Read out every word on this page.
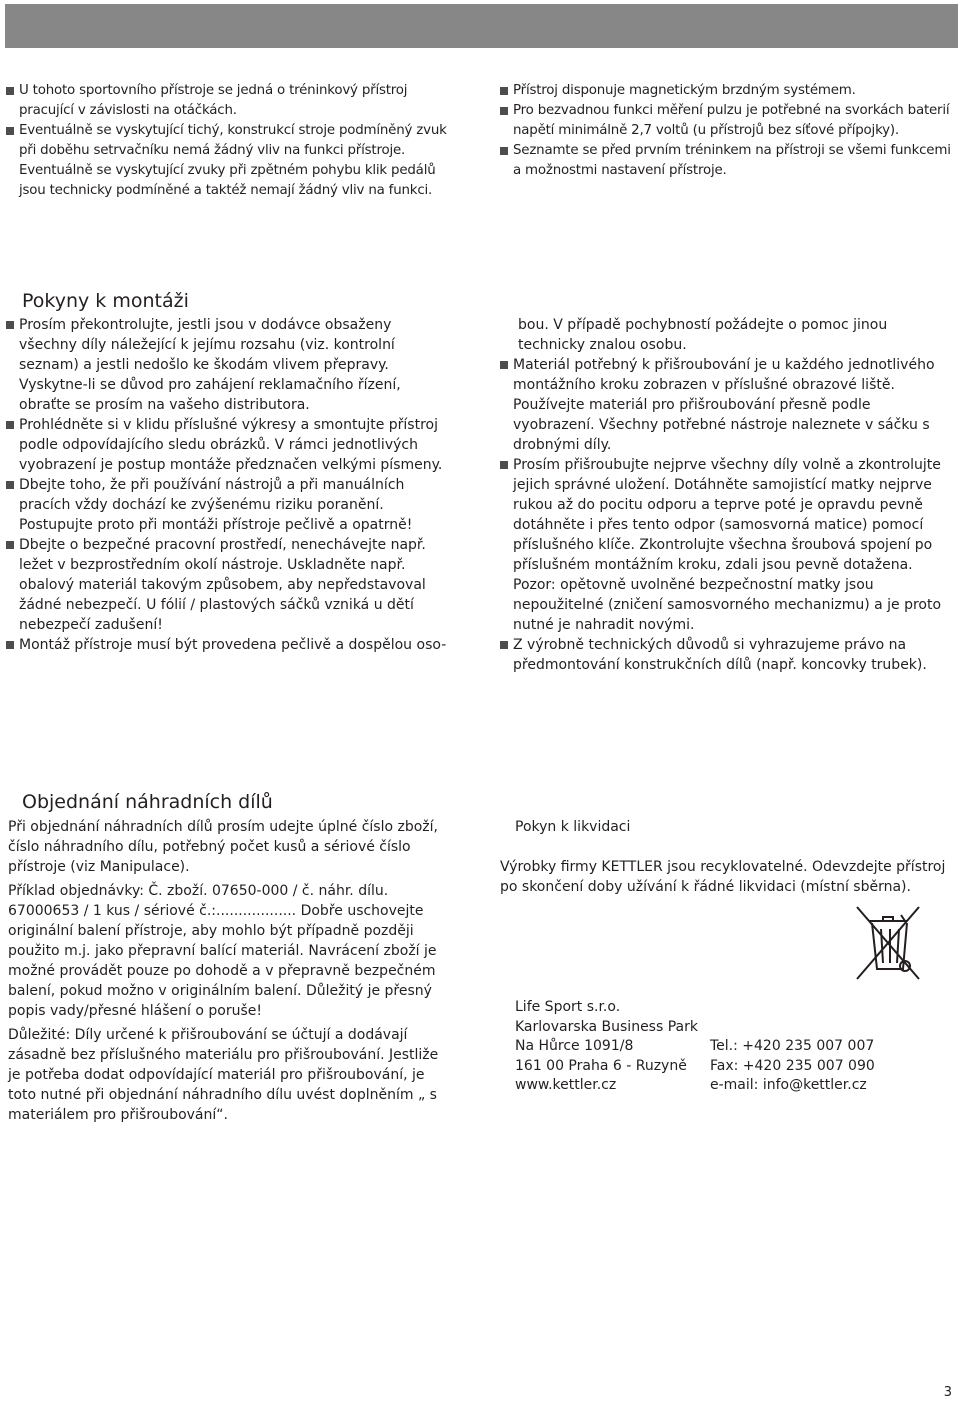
U tohoto sportovního přístroje se jedná o tréninkový přístroj pracující v závislosti na otáčkách.
Eventuálně se vyskytující tichý, konstrukcí stroje podmíněný zvuk při doběhu setrvačníku nemá žádný vliv na funkci přístroje. Eventuálně se vyskytující zvuky při zpětném pohybu klik pedálů jsou technicky podmíněné a taktéž nemají žádný vliv na funkci.
Přístroj disponuje magnetickým brzdným systémem.
Pro bezvadnou funkci měření pulzu je potřebné na svorkách baterií napětí minimálně 2,7 voltů (u přístrojů bez síťové přípojky).
Seznamte se před prvním tréninkem na přístroji se všemi funkcemi a možnostmi nastavení přístroje.
Pokyny k montáži
Prosím překontrolujte, jestli jsou v dodávce obsaženy všechny díly náležející k jejímu rozsahu (viz. kontrolní seznam) a jestli nedošlo ke škodám vlivem přepravy. Vyskytne-li se důvod pro zahájení reklamačního řízení, obraťte se prosím na vašeho distributora.
Prohlédněte si v klidu příslušné výkresy a smontujte přístroj podle odpovídajícího sledu obrázků. V rámci jednotlivých vyobrazení je postup montáže předznačen velkými písmeny.
Dbejte toho, že při používání nástrojů a při manuálních pracích vždy dochází ke zvýšenému riziku poranění. Postupujte proto při montáži přístroje pečlivě a opatrně!
Dbejte o bezpečné pracovní prostředí, nenechávejte např. ležet v bezprostředním okolí nástroje. Uskladněte např. obalový materiál takovým způsobem, aby nepředstavoval žádné nebezpečí. U fólií / plastových sáčků vzniká u dětí nebezpečí zadušení!
Montáž přístroje musí být provedena pečlivě a dospělou oso-

bou. V případě pochybností požádejte o pomoc jinou technicky znalou osobu.

Materiál potřebný k přišroubování je u každého jednotlivého montážního kroku zobrazen v příslušné obrazové liště. Používejte materiál pro přišroubování přesně podle vyobrazení. Všechny potřebné nástroje naleznete v sáčku s drobnými díly.
Prosím přišroubujte nejprve všechny díly volně a zkontrolujte jejich správné uložení. Dotáhněte samojistící matky nejprve rukou až do pocitu odporu a teprve poté je opravdu pevně dotáhněte i přes tento odpor (samosvorná matice) pomocí příslušného klíče. Zkontrolujte všechna šroubová spojení po příslušném montážním kroku, zdali jsou pevně dotažena. Pozor: opětovně uvolněné bezpečnostní matky jsou nepoužitelné (zničení samosvorného mechanizmu) a je proto nutné je nahradit novými.
Z výrobně technických důvodů si vyhrazujeme právo na předmontování konstrukčních dílů (např. koncovky trubek).
Objednání náhradních dílů

Při objednání náhradních dílů prosím udejte úplné číslo zboží, číslo náhradního dílu, potřebný počet kusů a sériové číslo přístroje (viz Manipulace).

Příklad objednávky: Č. zboží. 07650-000 / č. náhr. dílu. 67000653 / 1 kus / sériové č.:.................. Dobře uschovejte originální balení přístroje, aby mohlo být případně později použito m.j. jako přepravní balící materiál. Navrácení zboží je možné provádět pouze po dohodě a v přepravně bezpečném balení, pokud možno v originálním balení. Důležitý je přesný popis vady/přesné hlášení o poruše!

Důležité: Díly určené k přišroubování se účtují a dodávají zásadně bez příslušného materiálu pro přišroubování. Jestliže je potřeba dodat odpovídající materiál pro přišroubování, je toto nutné při objednání náhradního dílu uvést doplněním „ s materiálem pro přišroubování“.

Pokyn k likvidaci
Výrobky firmy KETTLER jsou recyklovatelné. Odevzdejte přístroj po skončení doby užívání k řádné likvidaci (místní sběrna).
Life Sport s.r.o.	
Karlovarska Business Park	
Na Hůrce 1091/8	Tel.: +420 235 007 007
161 00 Praha 6 - Ruzyně	Fax: +420 235 007 090
www.kettler.cz	e-mail: info@kettler.cz
3
